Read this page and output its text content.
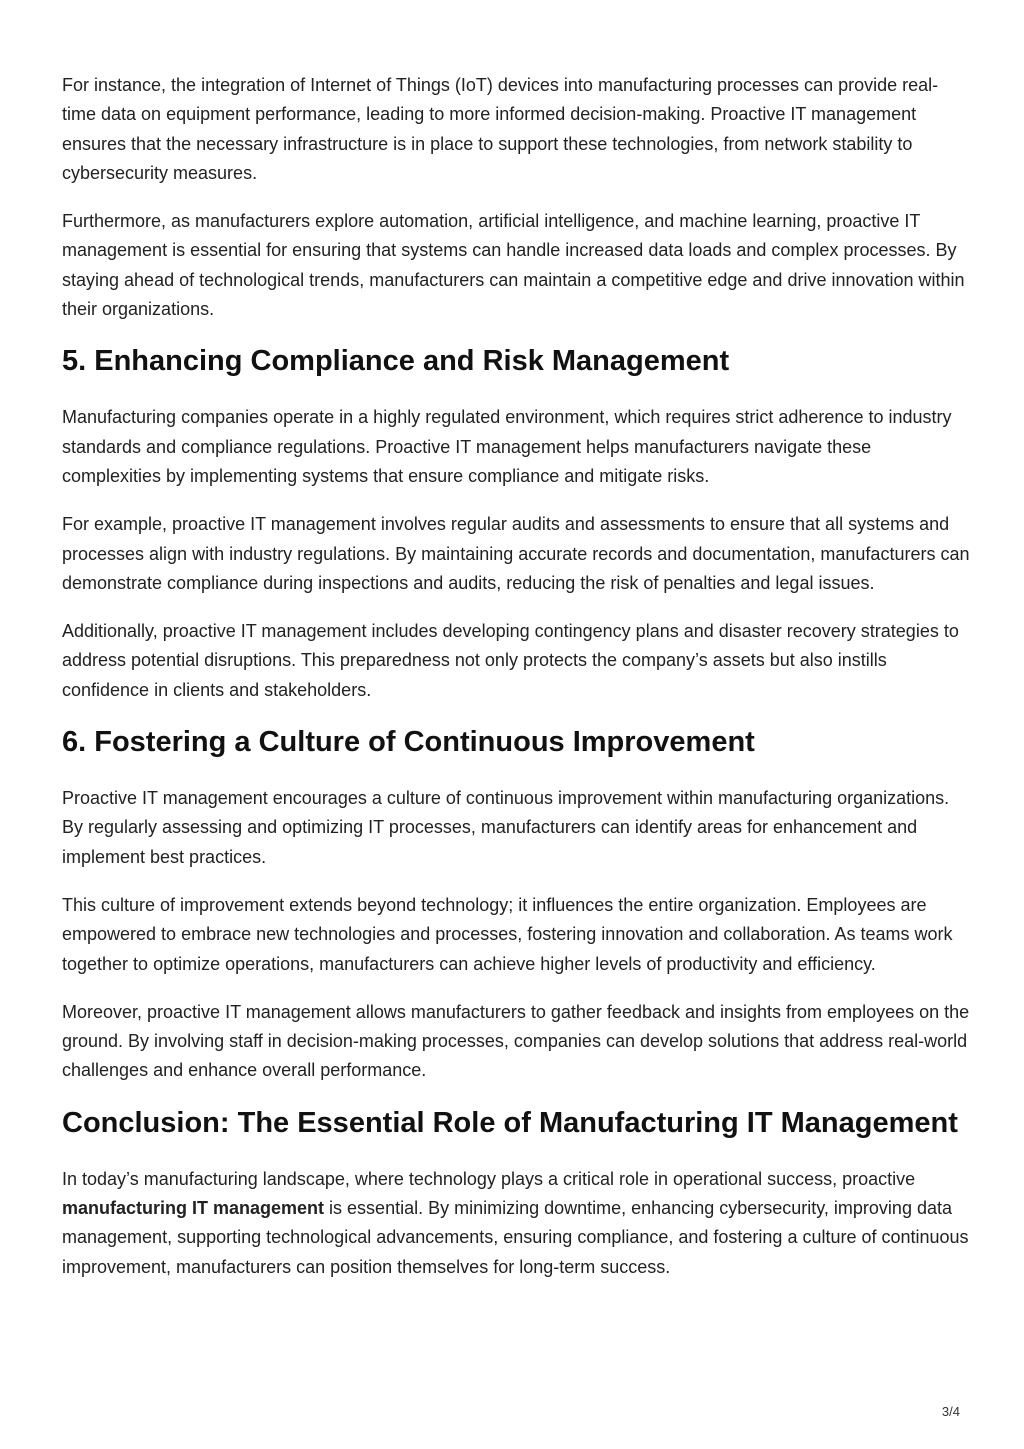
For instance, the integration of Internet of Things (IoT) devices into manufacturing processes can provide real-time data on equipment performance, leading to more informed decision-making. Proactive IT management ensures that the necessary infrastructure is in place to support these technologies, from network stability to cybersecurity measures.

Furthermore, as manufacturers explore automation, artificial intelligence, and machine learning, proactive IT management is essential for ensuring that systems can handle increased data loads and complex processes. By staying ahead of technological trends, manufacturers can maintain a competitive edge and drive innovation within their organizations.

5. Enhancing Compliance and Risk Management

Manufacturing companies operate in a highly regulated environment, which requires strict adherence to industry standards and compliance regulations. Proactive IT management helps manufacturers navigate these complexities by implementing systems that ensure compliance and mitigate risks.

For example, proactive IT management involves regular audits and assessments to ensure that all systems and processes align with industry regulations. By maintaining accurate records and documentation, manufacturers can demonstrate compliance during inspections and audits, reducing the risk of penalties and legal issues.

Additionally, proactive IT management includes developing contingency plans and disaster recovery strategies to address potential disruptions. This preparedness not only protects the company’s assets but also instills confidence in clients and stakeholders.

6. Fostering a Culture of Continuous Improvement

Proactive IT management encourages a culture of continuous improvement within manufacturing organizations. By regularly assessing and optimizing IT processes, manufacturers can identify areas for enhancement and implement best practices.

This culture of improvement extends beyond technology; it influences the entire organization. Employees are empowered to embrace new technologies and processes, fostering innovation and collaboration. As teams work together to optimize operations, manufacturers can achieve higher levels of productivity and efficiency.

Moreover, proactive IT management allows manufacturers to gather feedback and insights from employees on the ground. By involving staff in decision-making processes, companies can develop solutions that address real-world challenges and enhance overall performance.

Conclusion: The Essential Role of Manufacturing IT Management

In today’s manufacturing landscape, where technology plays a critical role in operational success, proactive manufacturing IT management is essential. By minimizing downtime, enhancing cybersecurity, improving data management, supporting technological advancements, ensuring compliance, and fostering a culture of continuous improvement, manufacturers can position themselves for long-term success.

3/4
